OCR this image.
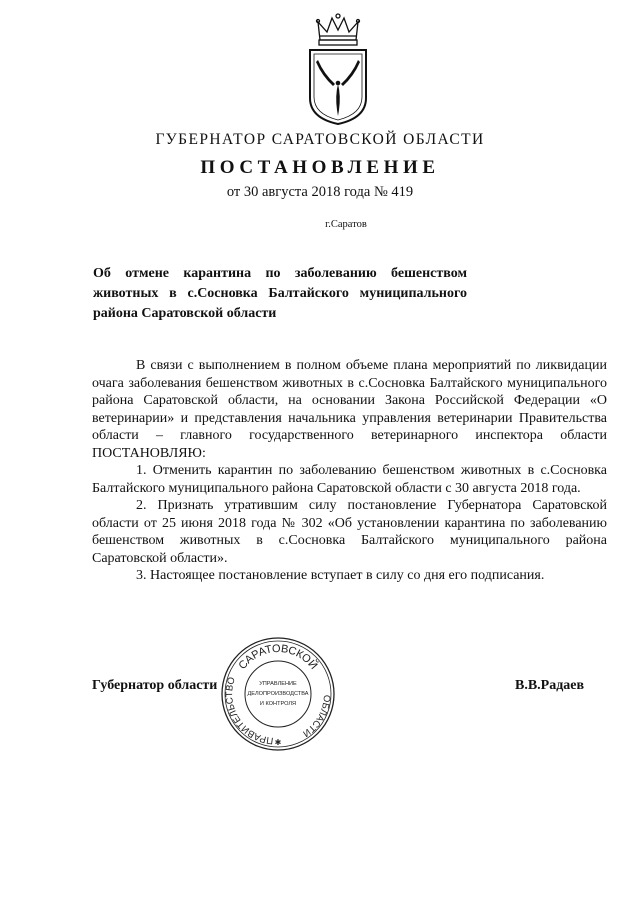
ГУБЕРНАТОР САРАТОВСКОЙ ОБЛАСТИ
ПОСТАНОВЛЕНИЕ
от 30 августа 2018 года № 419
г.Саратов
Об отмене карантина по заболеванию бешенством животных в с.Сосновка Балтайского муниципального района Саратовской области

В связи с выполнением в полном объеме плана мероприятий по ликвидации очага заболевания бешенством животных в с.Сосновка Балтайского муниципального района Саратовской области, на основании Закона Российской Федерации «О ветеринарии» и представления начальника управления ветеринарии Правительства области – главного государственного ветеринарного инспектора области ПОСТАНОВЛЯЮ:

1. Отменить карантин по заболеванию бешенством животных в с.Сосновка Балтайского муниципального района Саратовской области с 30 августа 2018 года.

2. Признать утратившим силу постановление Губернатора Саратовской области от 25 июня 2018 года № 302 «Об установлении карантина по заболеванию бешенством животных в с.Сосновка Балтайского муниципального района Саратовской области».

3. Настоящее постановление вступает в силу со дня его подписания.

Губернатор области	В.В.Радаев
САРАТОВСКОЙ
ПРАВИТЕЛЬСТВО
ОБЛАСТИ
УПРАВЛЕНИЕ
ДЕЛОПРОИЗВОДСТВА
И КОНТРОЛЯ
✱
